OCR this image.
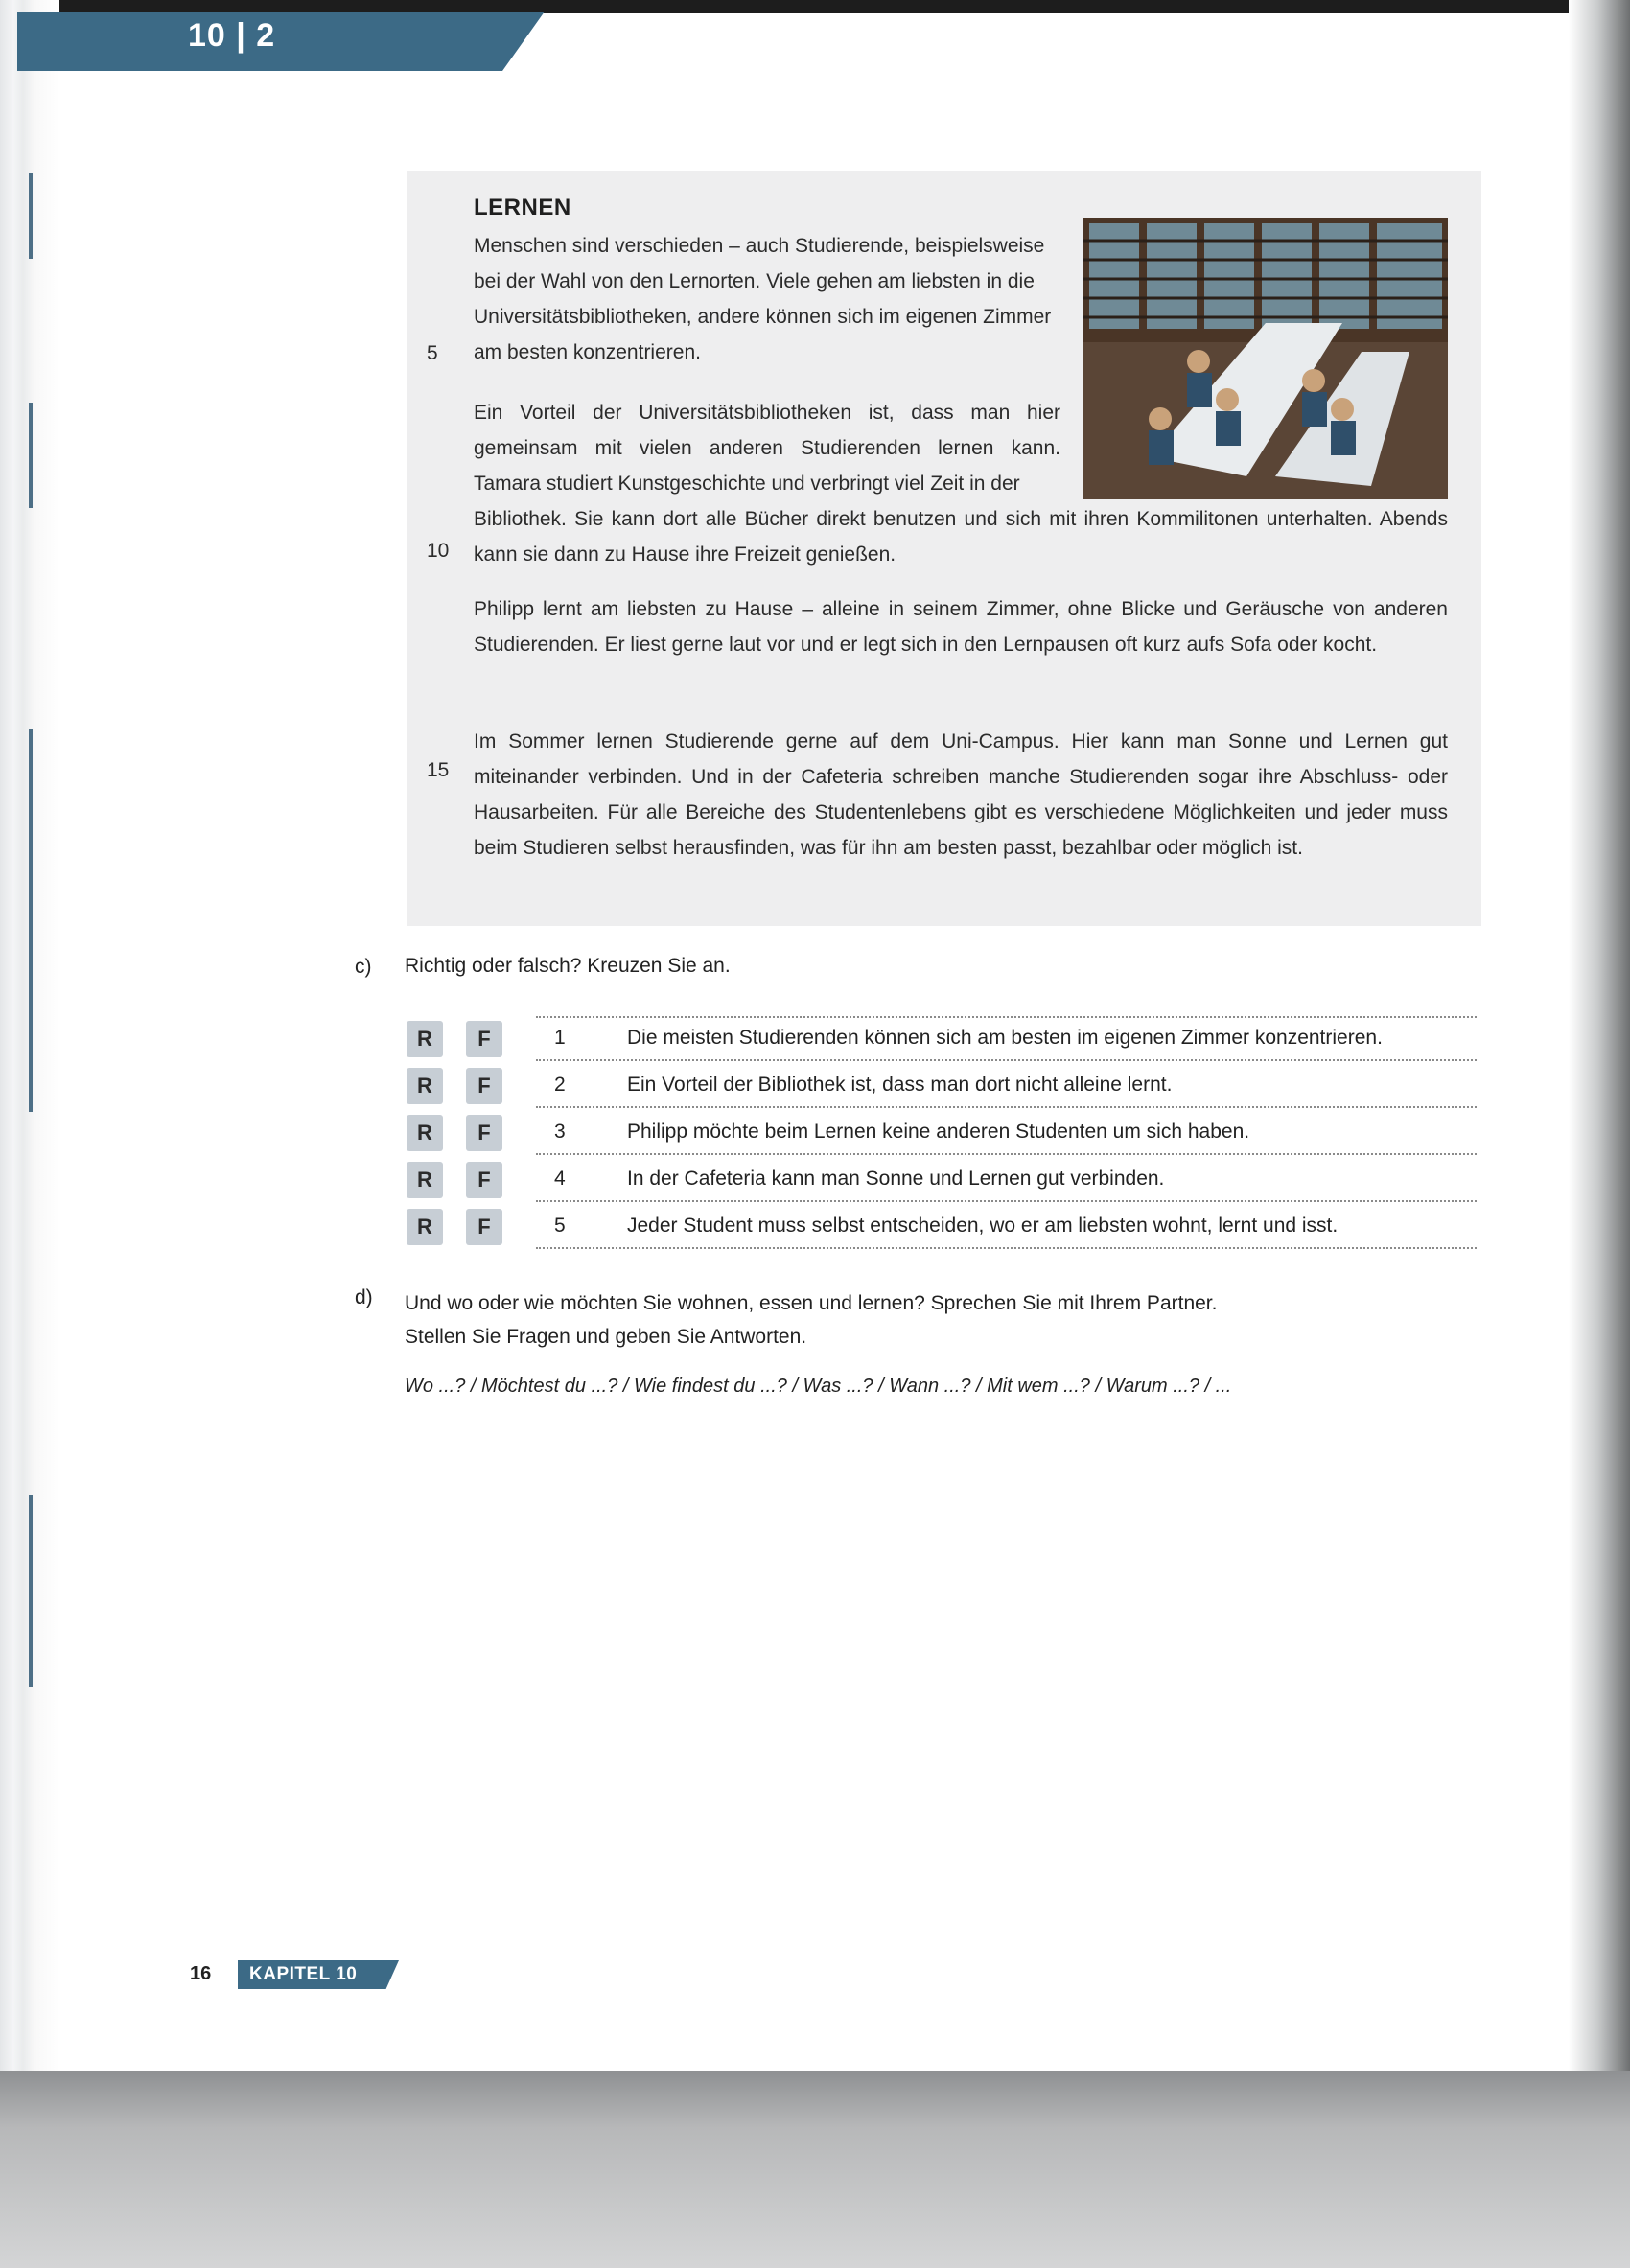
10 | 2
LERNEN
Menschen sind verschieden – auch Studierende, beispielsweise bei der Wahl von den Lernorten. Viele gehen am liebsten in die Universitätsbibliotheken, andere können sich im eigenen Zimmer am besten konzentrieren.
5
Ein Vorteil der Universitätsbibliotheken ist, dass man hier gemeinsam mit vielen anderen Studierenden lernen kann. Tamara studiert Kunstgeschichte und verbringt viel Zeit in der
Bibliothek. Sie kann dort alle Bücher direkt benutzen und sich mit ihren Kommilitonen unterhalten. Abends kann sie dann zu Hause ihre Freizeit genießen.
10
Philipp lernt am liebsten zu Hause – alleine in seinem Zimmer, ohne Blicke und Geräusche von anderen Studierenden. Er liest gerne laut vor und er legt sich in den Lernpausen oft kurz aufs Sofa oder kocht.
Im Sommer lernen Studierende gerne auf dem Uni-Campus. Hier kann man Sonne und Lernen gut miteinander verbinden. Und in der Cafeteria schreiben manche Studierenden sogar ihre Abschluss- oder Hausarbeiten. Für alle Bereiche des Studentenlebens gibt es verschiedene Möglichkeiten und jeder muss beim Studieren selbst herausfinden, was für ihn am besten passt, bezahlbar oder möglich ist.
15
c) Richtig oder falsch? Kreuzen Sie an.
R	F	1	Die meisten Studierenden können sich am besten im eigenen Zimmer konzentrieren.
R	F	2	Ein Vorteil der Bibliothek ist, dass man dort nicht alleine lernt.
R	F	3	Philipp möchte beim Lernen keine anderen Studenten um sich haben.
R	F	4	In der Cafeteria kann man Sonne und Lernen gut verbinden.
R	F	5	Jeder Student muss selbst entscheiden, wo er am liebsten wohnt, lernt und isst.
d) Und wo oder wie möchten Sie wohnen, essen und lernen? Sprechen Sie mit Ihrem Partner.
Stellen Sie Fragen und geben Sie Antworten.
Wo ...? / Möchtest du ...? / Wie findest du ...? / Was ...? / Wann ...? / Mit wem ...? / Warum ...? / ...
16 KAPITEL 10
